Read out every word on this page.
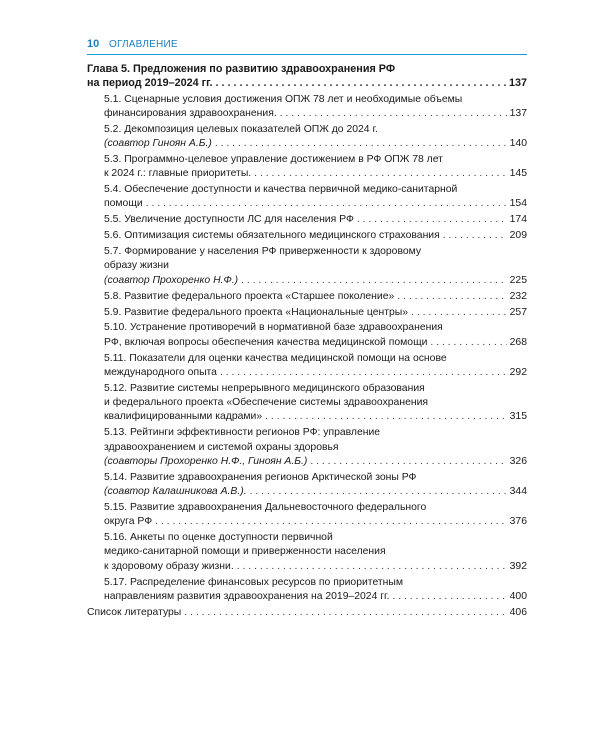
10 ОГЛАВЛЕНИЕ
Глава 5. Предложения по развитию здравоохранения РФ
на период 2019–2024 гг. . . .	137
5.1. Сценарные условия достижения ОПЖ 78 лет и необходимые объемы
финансирования здравоохранения. . . .	137
5.2. Декомпозиция целевых показателей ОПЖ до 2024 г.
(соавтор Гиноян А.Б.) . . .	140
5.3. Программно-целевое управление достижением в РФ ОПЖ 78 лет
к 2024 г.: главные приоритеты. . . .	145
5.4. Обеспечение доступности и качества первичной медико-санитарной
помощи . . .	154
5.5. Увеличение доступности ЛС для населения РФ . . .	174
5.6. Оптимизация системы обязательного медицинского страхования . . .	209
5.7. Формирование у населения РФ приверженности к здоровому
образу жизни
(соавтор Прохоренко Н.Ф.) . . .	225
5.8. Развитие федерального проекта «Старшее поколение» . . .	232
5.9. Развитие федерального проекта «Национальные центры» . . .	257
5.10. Устранение противоречий в нормативной базе здравоохранения
РФ, включая вопросы обеспечения качества медицинской помощи . . .	268
5.11. Показатели для оценки качества медицинской помощи на основе
международного опыта . . .	292
5.12. Развитие системы непрерывного медицинского образования
и федерального проекта «Обеспечение системы здравоохранения
квалифицированными кадрами» . . .	315
5.13. Рейтинги эффективности регионов РФ: управление
здравоохранением и системой охраны здоровья
(соавторы Прохоренко Н.Ф., Гиноян А.Б.) . . .	326
5.14. Развитие здравоохранения регионов Арктической зоны РФ
(соавтор Калашникова А.В.). . . .	344
5.15. Развитие здравоохранения Дальневосточного федерального
округа РФ . . .	376
5.16. Анкеты по оценке доступности первичной
медико-санитарной помощи и приверженности населения
к здоровому образу жизни. . . .	392
5.17. Распределение финансовых ресурсов по приоритетным
направлениям развития здравоохранения на 2019–2024 гг. . . .	400
Список литературы . . .	406
